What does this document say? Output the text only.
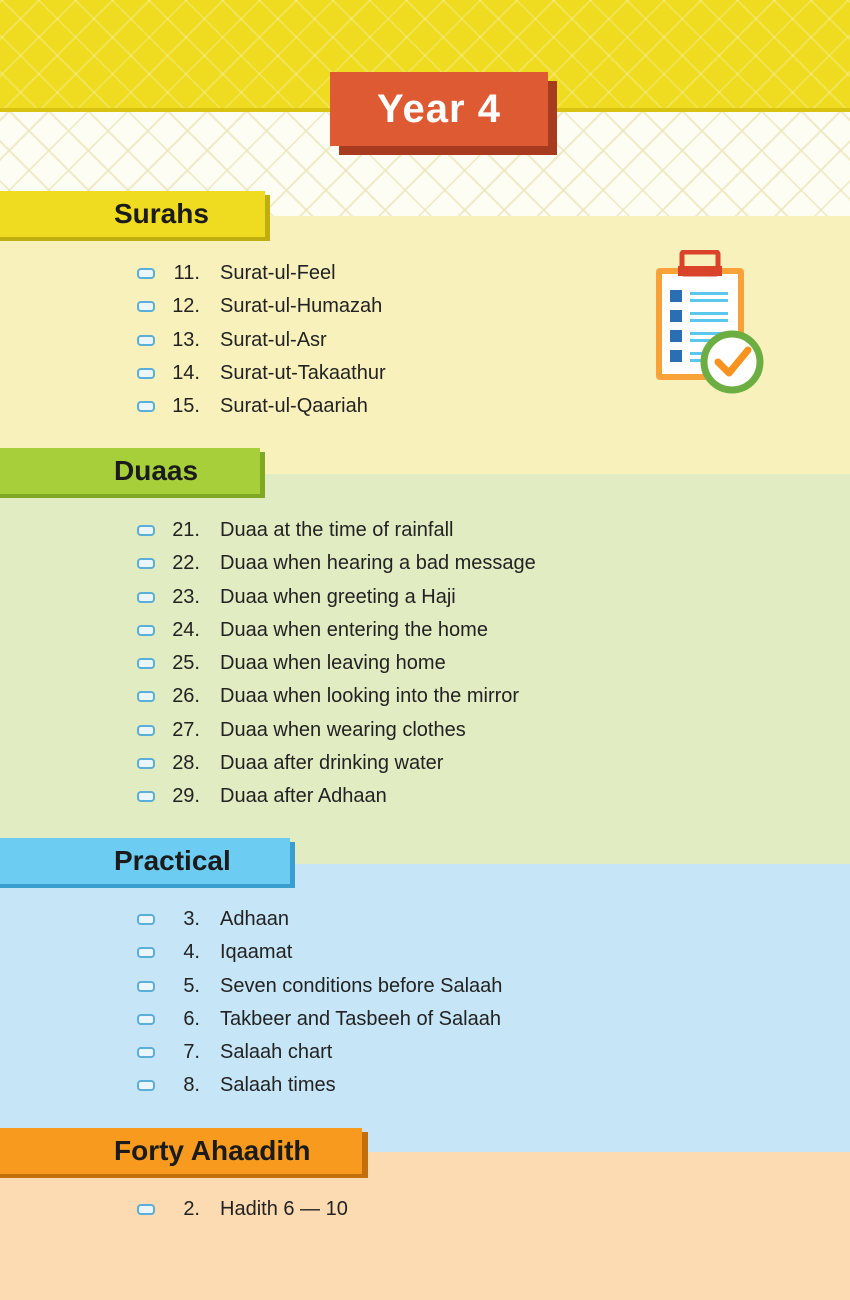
Year 4
Surahs
11. Surat-ul-Feel
12. Surat-ul-Humazah
13. Surat-ul-Asr
14. Surat-ut-Takaathur
15. Surat-ul-Qaariah
Duaas
21. Duaa at the time of rainfall
22. Duaa when hearing a bad message
23. Duaa when greeting a Haji
24. Duaa when entering the home
25. Duaa when leaving home
26. Duaa when looking into the mirror
27. Duaa when wearing clothes
28. Duaa after drinking water
29. Duaa after Adhaan
Practical
3. Adhaan
4. Iqaamat
5. Seven conditions before Salaah
6. Takbeer and Tasbeeh of Salaah
7. Salaah chart
8. Salaah times
Forty Ahaadith
2. Hadith 6 — 10
